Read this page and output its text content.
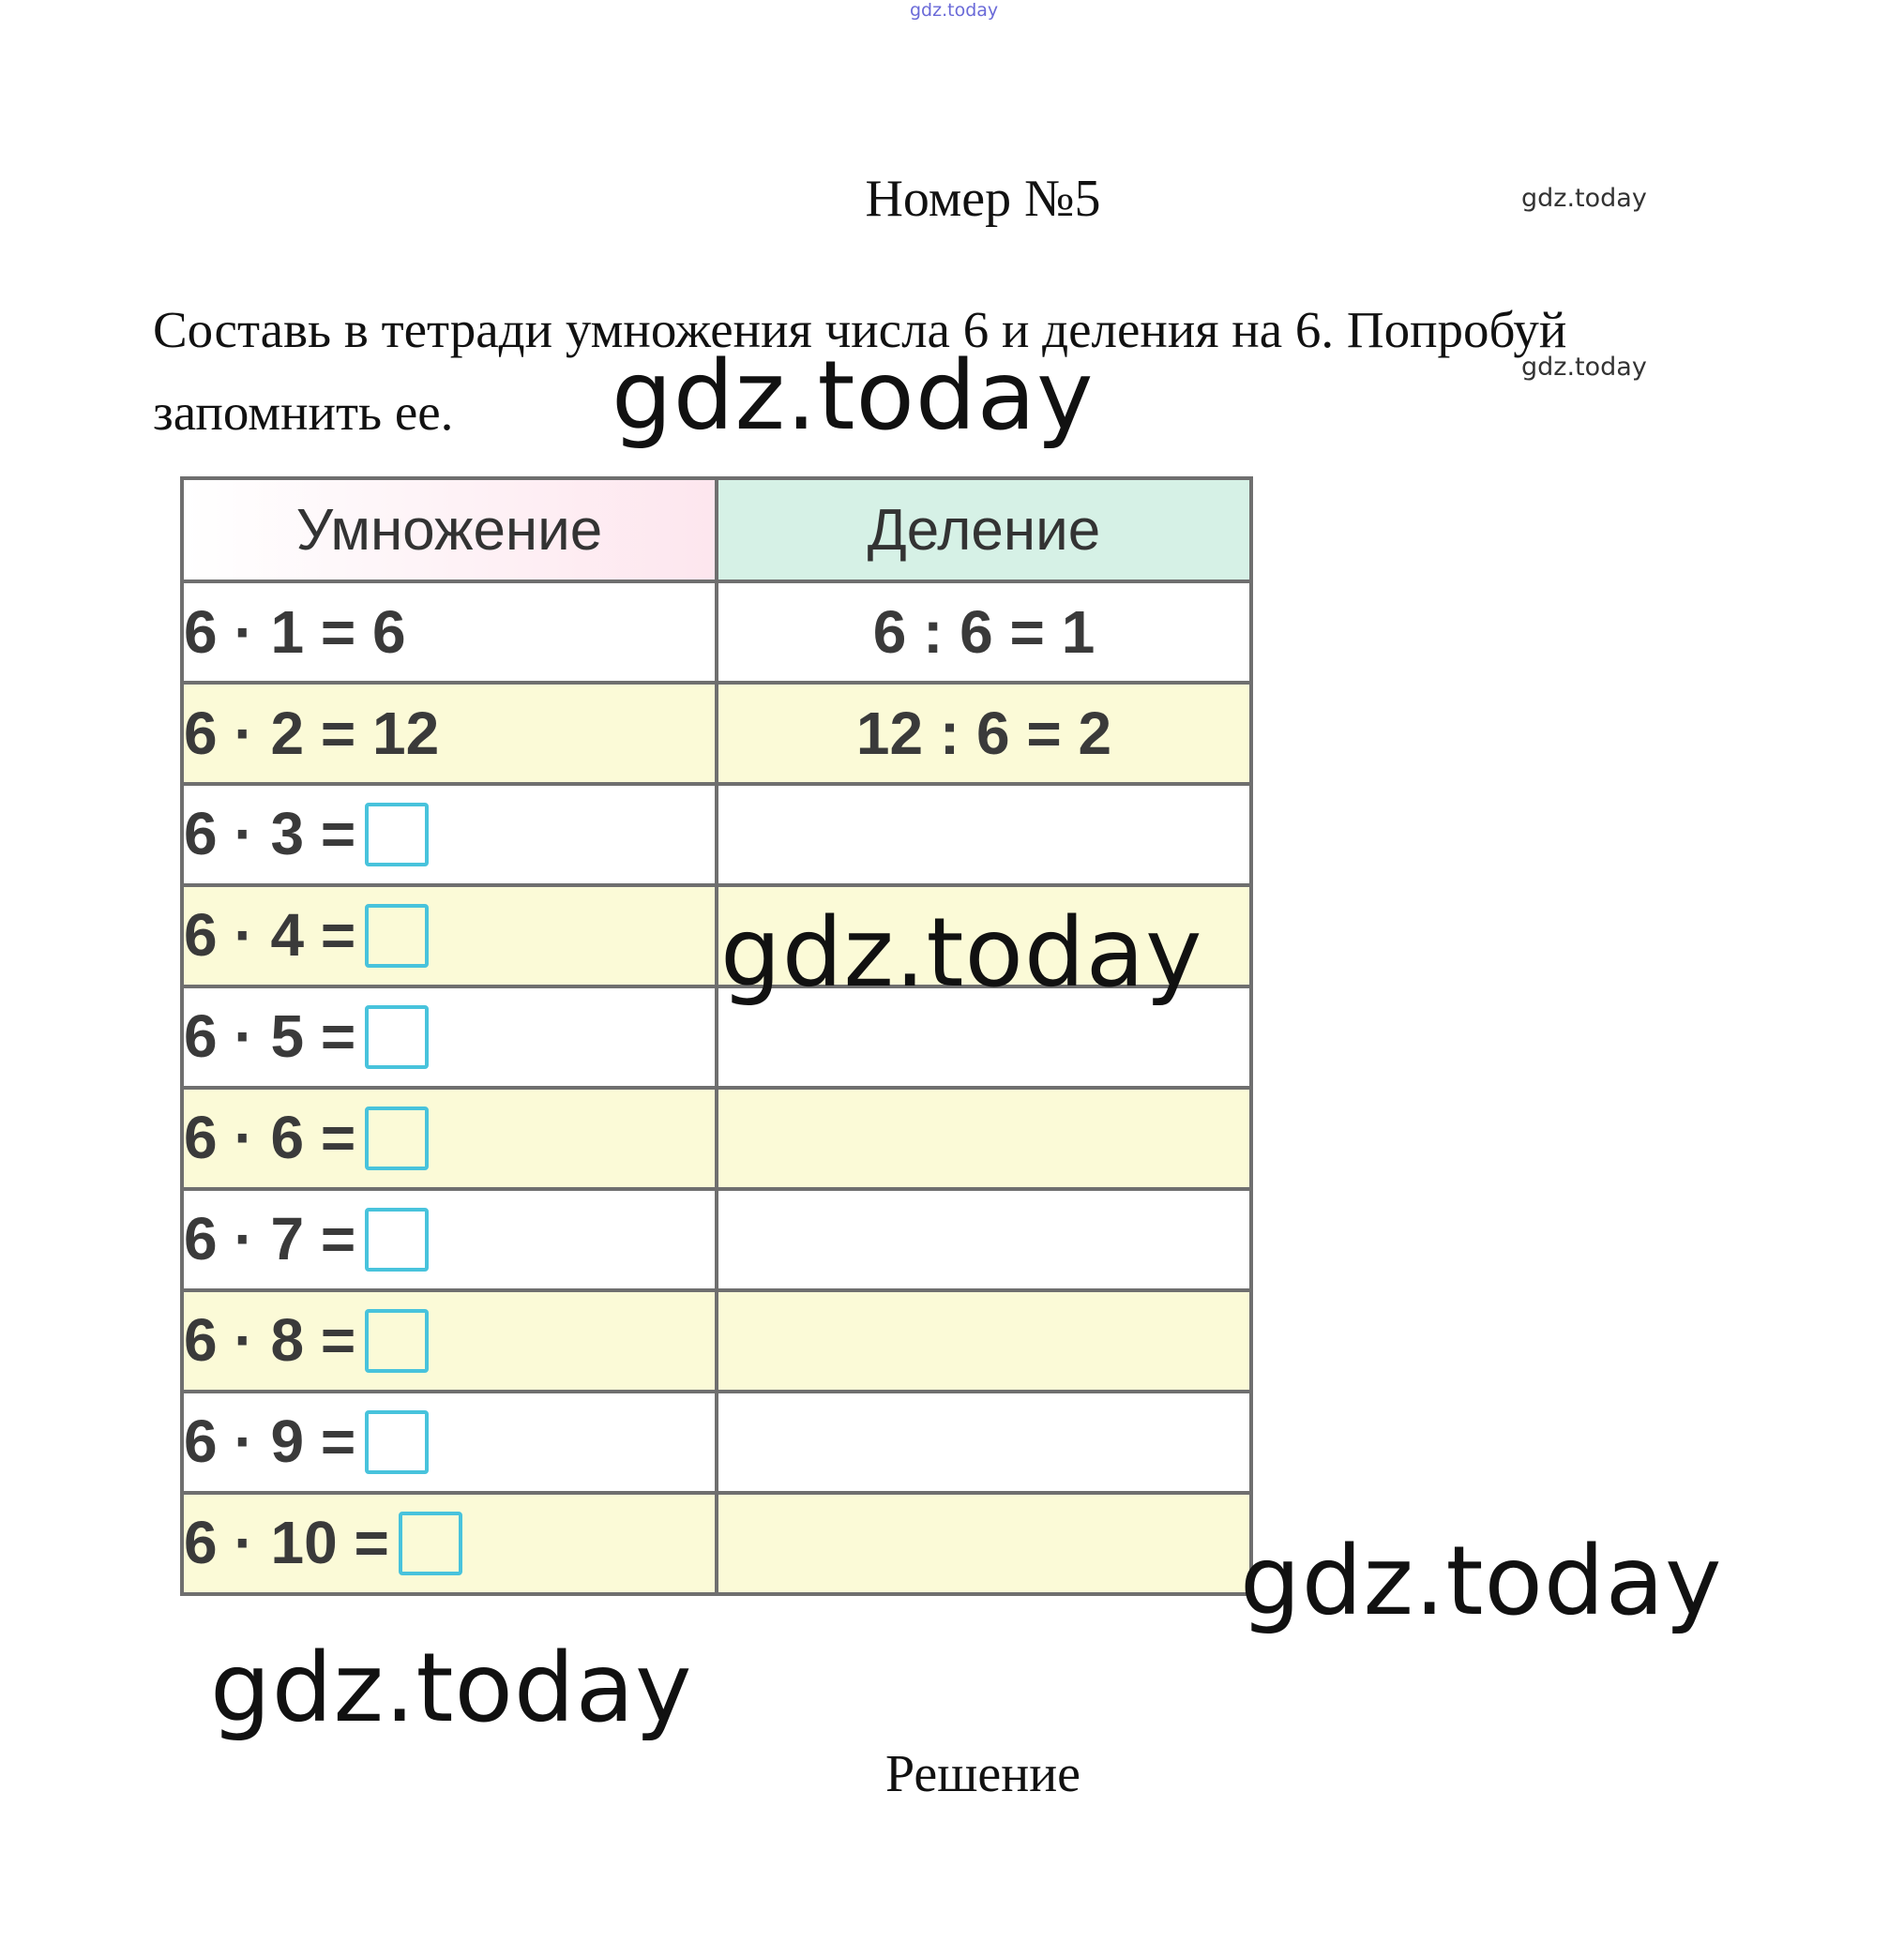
gdz.today
Номер №5	gdz.today
Составь в тетради умножения числа 6 и деления на 6. Попробуй запомнить ее.
gdz.today
gdz.today
Умножение	Деление
6 · 1 = 6	6 : 6 = 1
6 · 2 = 12	12 : 6 = 2
6 · 3 =	
6 · 4 =	
6 · 5 =	
6 · 6 =	
6 · 7 =	
6 · 8 =	
6 · 9 =	
6 · 10 =	
gdz.today
gdz.today
gdz.today
Решение
